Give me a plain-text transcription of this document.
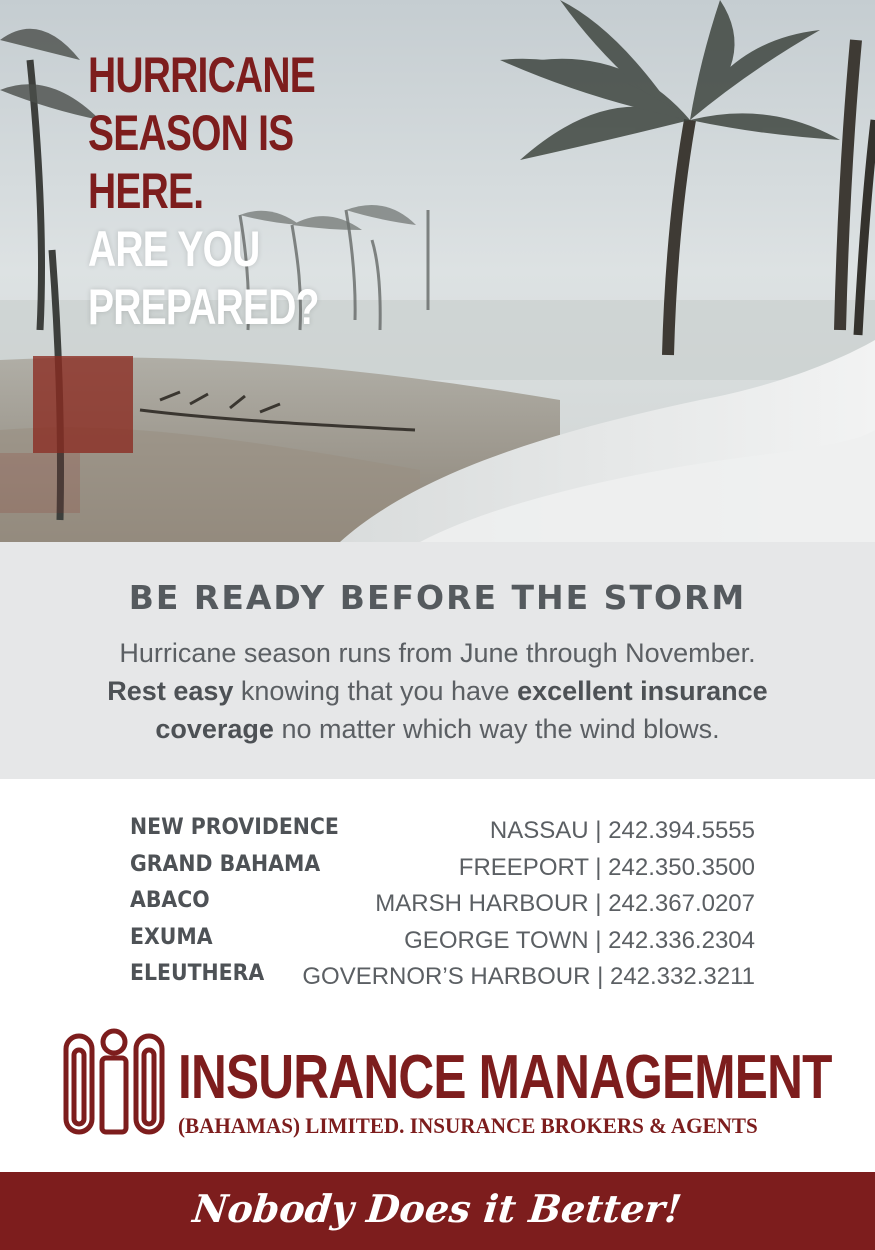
HURRICANE
SEASON IS
HERE.
ARE YOU
PREPARED?
BE READY BEFORE THE STORM
Hurricane season runs from June through November.
Rest easy knowing that you have excellent insurance coverage no matter which way the wind blows.
NEW PROVIDENCE	NASSAU | 242.394.5555
GRAND BAHAMA	FREEPORT | 242.350.3500
ABACO	MARSH HARBOUR | 242.367.0207
EXUMA	GEORGE TOWN | 242.336.2304
ELEUTHERA GOVERNOR’S HARBOUR | 242.332.3211
INSURANCE MANAGEMENT
(BAHAMAS) LIMITED. INSURANCE BROKERS & AGENTS
Nobody Does it Better!
